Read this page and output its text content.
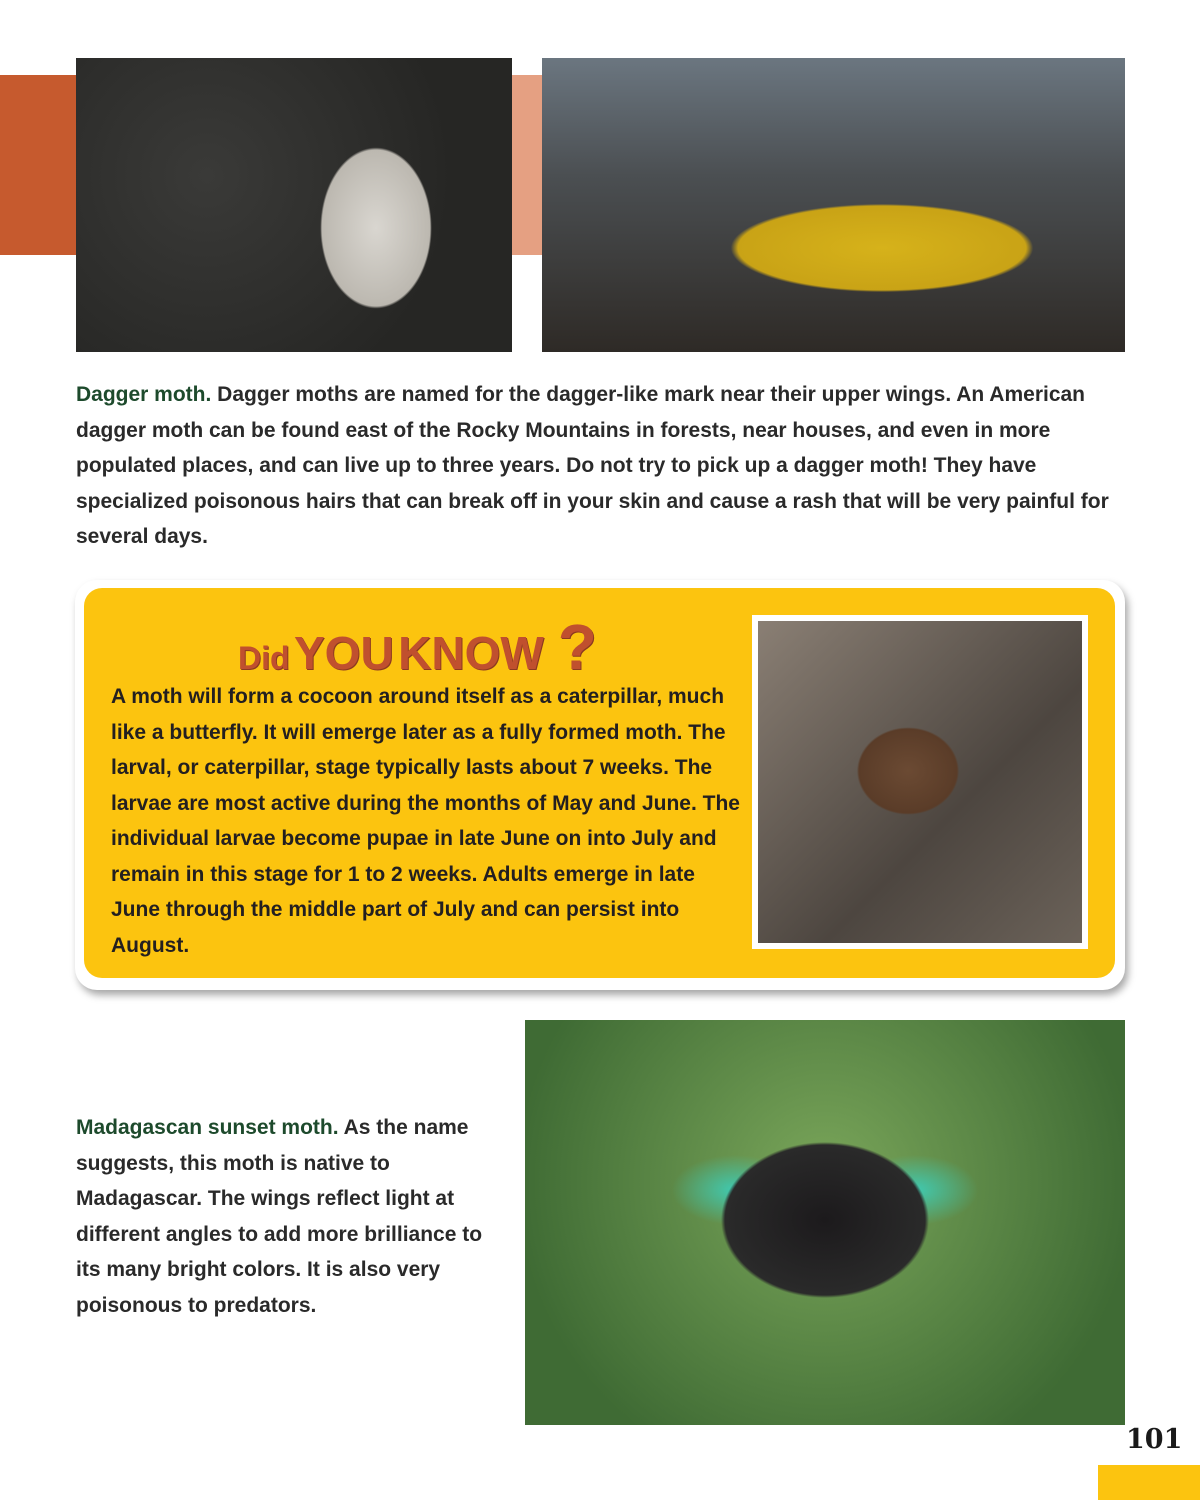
Dagger moth. Dagger moths are named for the dagger-like mark near their upper wings. An American dagger moth can be found east of the Rocky Mountains in forests, near houses, and even in more populated places, and can live up to three years. Do not try to pick up a dagger moth! They have specialized poisonous hairs that can break off in your skin and cause a rash that will be very painful for several days.

Did YOU KNOW ?

A moth will form a cocoon around itself as a caterpillar, much like a butterfly. It will emerge later as a fully formed moth. The larval, or caterpillar, stage typically lasts about 7 weeks. The larvae are most active during the months of May and June. The individual larvae become pupae in late June on into July and remain in this stage for 1 to 2 weeks. Adults emerge in late June through the middle part of July and can persist into August.

Madagascan sunset moth. As the name suggests, this moth is native to Madagascar. The wings reflect light at different angles to add more brilliance to its many bright colors. It is also very poisonous to predators.

101
